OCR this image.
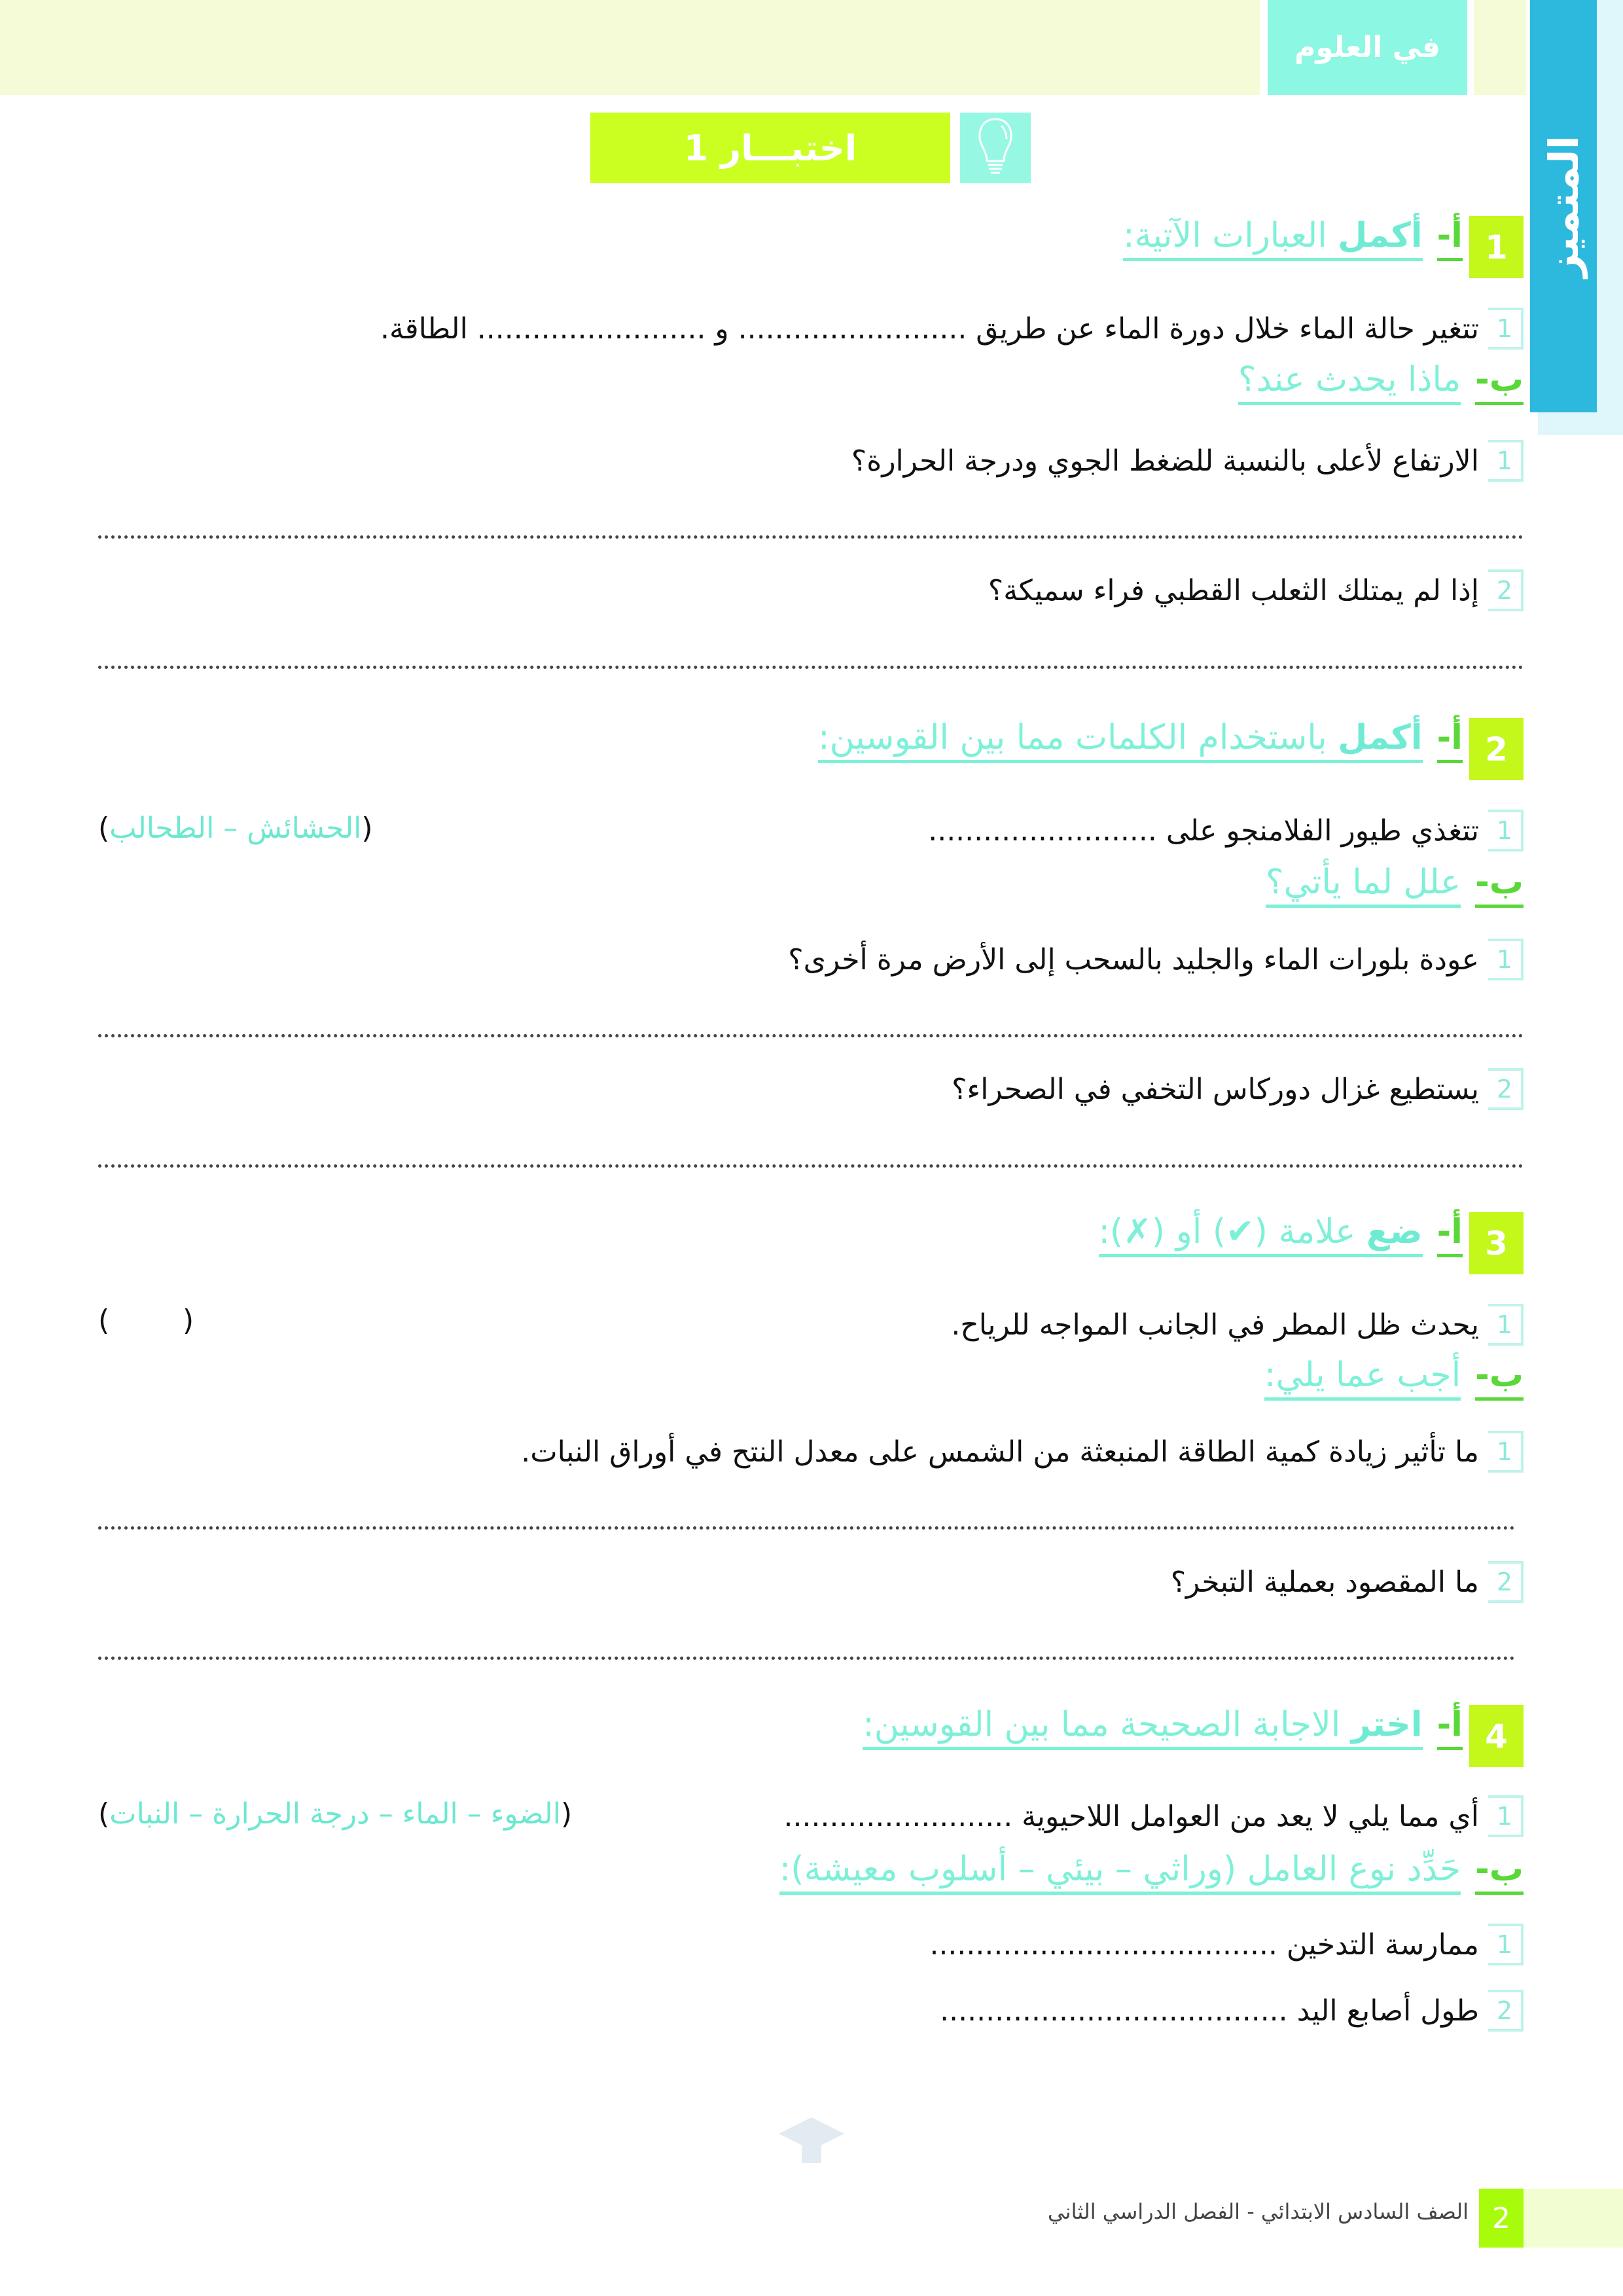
في العلوم
المتميز
اختبـــار 1
1
أ-
أكمل العبارات الآتية:
1
تتغير حالة الماء خلال دورة الماء عن طريق ......................... و ......................... الطاقة.
ب-
ماذا يحدث عند؟
1
الارتفاع لأعلى بالنسبة للضغط الجوي ودرجة الحرارة؟
2
إذا لم يمتلك الثعلب القطبي فراء سميكة؟
2
أ-
أكمل باستخدام الكلمات مما بين القوسين:
1
تتغذي طيور الفلامنجو على .........................
(الحشائش – الطحالب)
ب-
علل لما يأتي؟
1
عودة بلورات الماء والجليد بالسحب إلى الأرض مرة أخرى؟
2
يستطيع غزال دوركاس التخفي في الصحراء؟
3
أ-
ضع علامة (✔) أو (✗):
1
يحدث ظل المطر في الجانب المواجه للرياح.
(        )
ب-
أجب عما يلي:
1
ما تأثير زيادة كمية الطاقة المنبعثة من الشمس على معدل النتح في أوراق النبات.
2
ما المقصود بعملية التبخر؟
4
أ-
اختر الاجابة الصحيحة مما بين القوسين:
1
أي مما يلي لا يعد من العوامل اللاحيوية .........................
(الضوء – الماء – درجة الحرارة – النبات)
ب-
حَدِّد نوع العامل (وراثي – بيئي – أسلوب معيشة):
1
ممارسة التدخين ......................................
2
طول أصابع اليد ......................................
2
الصف السادس الابتدائي - الفصل الدراسي الثاني
